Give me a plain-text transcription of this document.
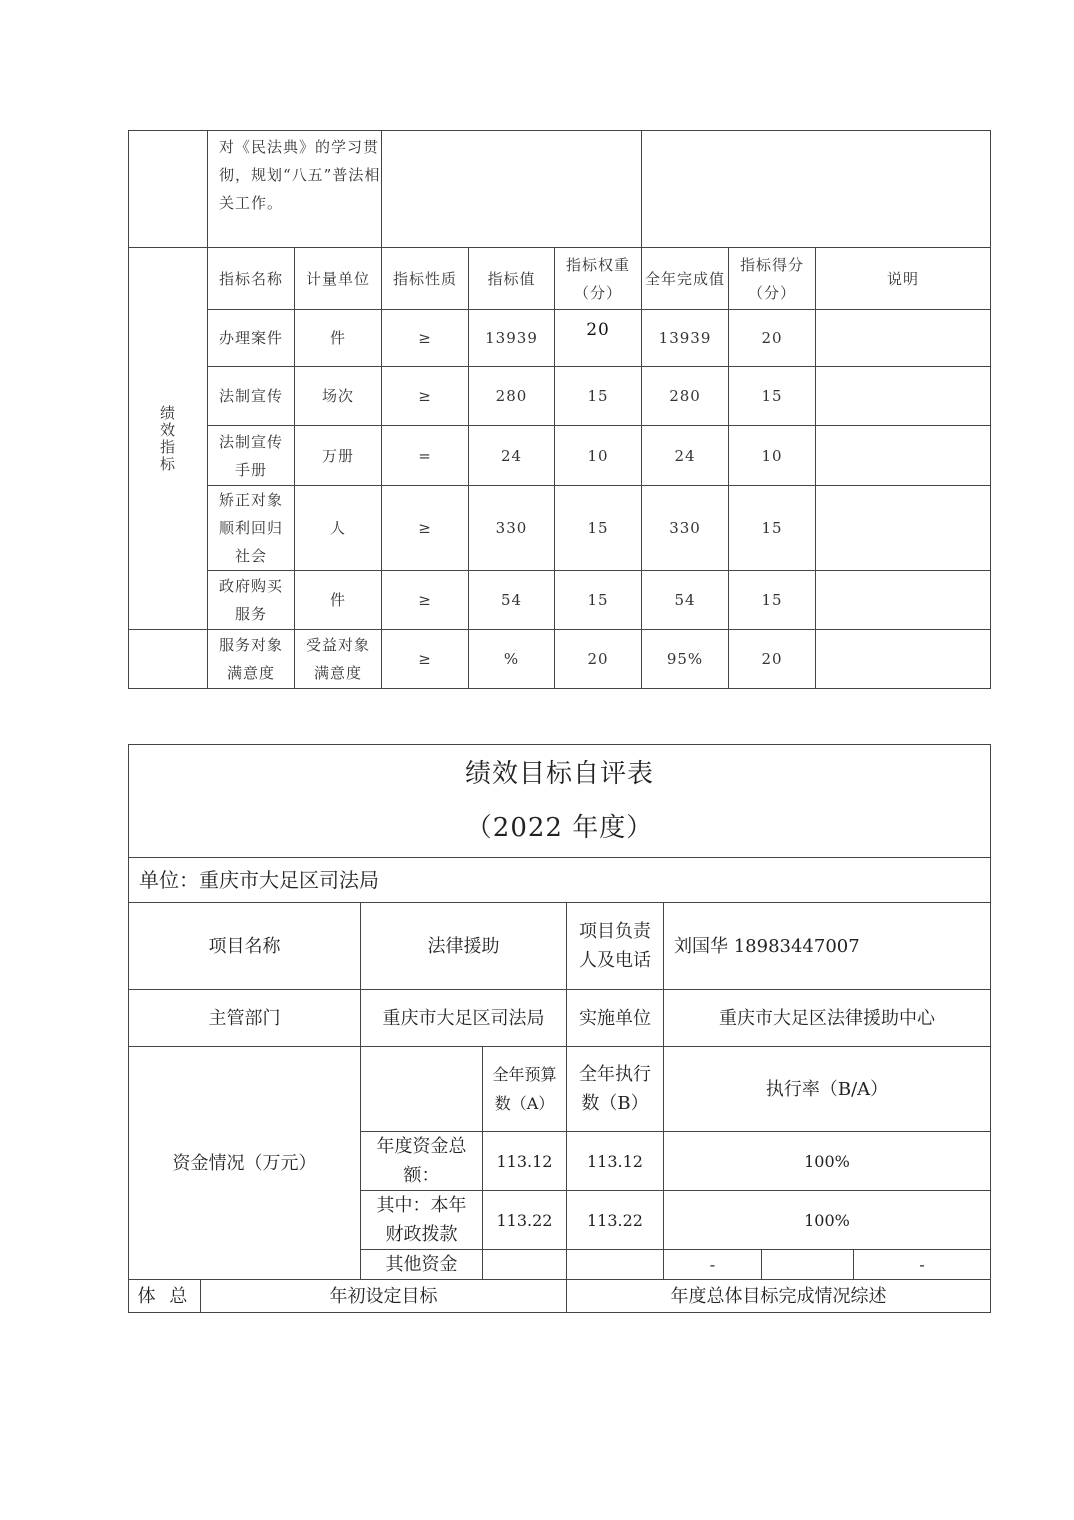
	对《民法典》的学习贯彻，规划“八五”普法相关工作。							

绩
效
指
标	指标名称	计量单位	指标性质	指标值	指标权重（分）	全年完成值	指标得分（分）	说明
	办理案件	件	≥	13939	20	13939	20	
	法制宣传	场次	≥	280	15	280	15	
	法制宣传手册	万册	=	24	10	24	10	
	矫正对象顺利回归社会	人	≥	330	15	330	15	
	政府购买服务	件	≥	54	15	54	15	
	服务对象满意度	受益对象满意度	≥	%	20	95%	20	
绩效目标自评表
（2022 年度）							

单位：重庆市大足区司法局							
项目名称		法律援助		项目负责人及电话	刘国华 18983447007		
主管部门		重庆市大足区司法局		实施单位	重庆市大足区法律援助中心		
资金情况（万元）			全年预算数（A）	全年执行数（B）	执行率（B/A）		
		年度资金总额：	113.12	113.12	100%		
		其中：本年财政拨款	113.22	113.22	100%		
		其他资金			-		-
体 总	年初设定目标			年度总体目标完成情况综述			
